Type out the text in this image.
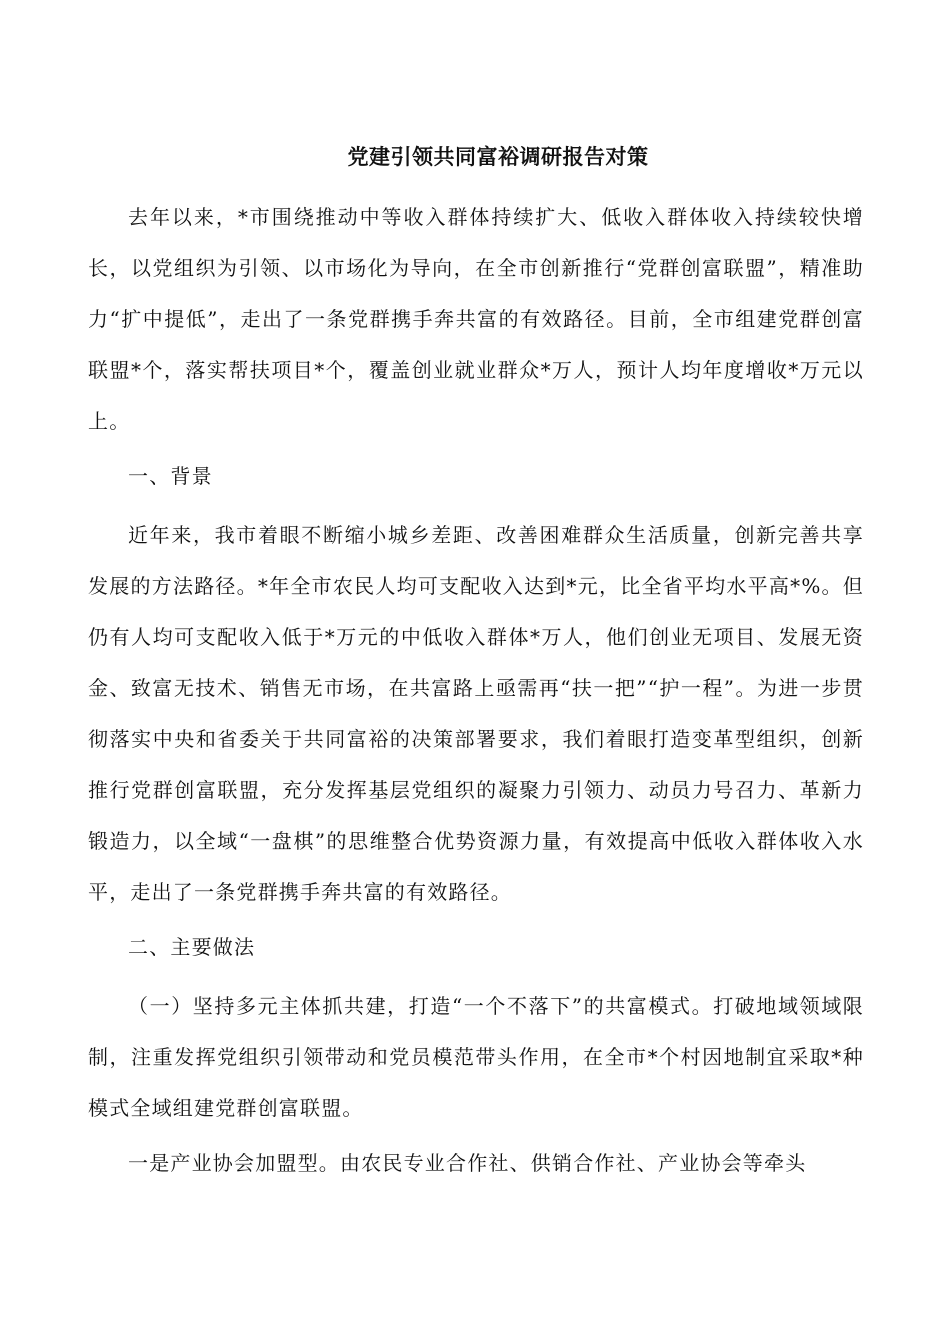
党建引领共同富裕调研报告对策

去年以来，*市围绕推动中等收入群体持续扩大、低收入群体收入持续较快增长，以党组织为引领、以市场化为导向，在全市创新推行“党群创富联盟”，精准助力“扩中提低”，走出了一条党群携手奔共富的有效路径。目前，全市组建党群创富联盟*个，落实帮扶项目*个，覆盖创业就业群众*万人，预计人均年度增收*万元以上。

一、背景

近年来，我市着眼不断缩小城乡差距、改善困难群众生活质量，创新完善共享发展的方法路径。*年全市农民人均可支配收入达到*元，比全省平均水平高*%。但仍有人均可支配收入低于*万元的中低收入群体*万人，他们创业无项目、发展无资金、致富无技术、销售无市场，在共富路上亟需再“扶一把”“护一程”。为进一步贯彻落实中央和省委关于共同富裕的决策部署要求，我们着眼打造变革型组织，创新推行党群创富联盟，充分发挥基层党组织的凝聚力引领力、动员力号召力、革新力锻造力，以全域“一盘棋”的思维整合优势资源力量，有效提高中低收入群体收入水平，走出了一条党群携手奔共富的有效路径。

二、主要做法

（一）坚持多元主体抓共建，打造“一个不落下”的共富模式。打破地域领域限制，注重发挥党组织引领带动和党员模范带头作用，在全市*个村因地制宜采取*种模式全域组建党群创富联盟。

一是产业协会加盟型。由农民专业合作社、供销合作社、产业协会等牵头
